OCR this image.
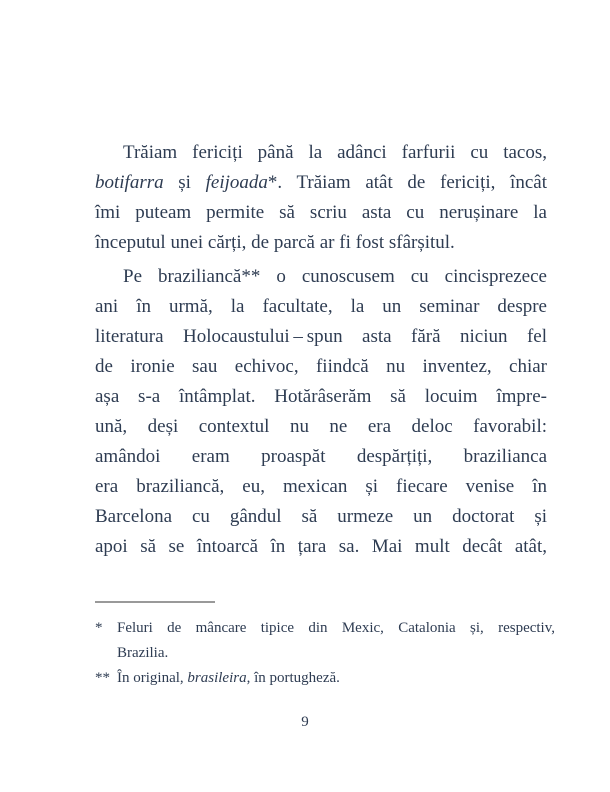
Trăiam fericiți până la adânci farfurii cu tacos,
botifarra și feijoada*. Trăiam atât de fericiți, încât
îmi puteam permite să scriu asta cu nerușinare la
începutul unei cărți, de parcă ar fi fost sfârșitul.
Pe braziliancă** o cunoscusem cu cincisprezece
ani în urmă, la facultate, la un seminar despre
literatura Holocaustului – spun asta fără niciun fel
de ironie sau echivoc, fiindcă nu inventez, chiar
așa s-a întâmplat. Hotărâserăm să locuim împre-
ună, deși contextul nu ne era deloc favorabil:
amândoi eram proaspăt despărțiți, brazilianca
era braziliancă, eu, mexican și fiecare venise în
Barcelona cu gândul să urmeze un doctorat și
apoi să se întoarcă în țara sa. Mai mult decât atât,
* Feluri de mâncare tipice din Mexic, Catalonia și, respectiv,
Brazilia.
** În original, brasileira, în portugheză.
9
